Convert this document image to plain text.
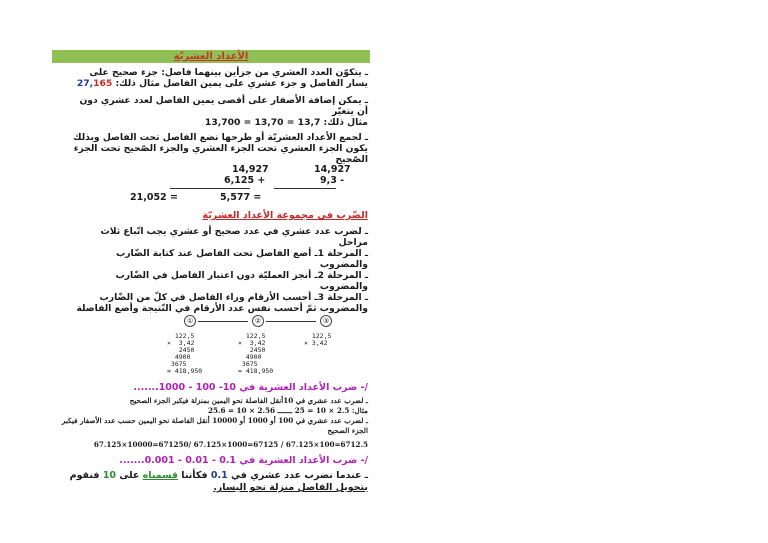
الأعداد العشريّة
ـ يتكوّن العدد العشري من جزأين بينهما فاصل: جزء صحيح على
يسار الفاصل و جزء عشري على يمين الفاصل مثال ذلك: 27,165
ـ يمكن إضافة الأصفار على أقصى يمين الفاصل لعدد عشري دون
أن يتغيّر
مثال ذلك: 13,700 = 13,70 = 13,7
ـ لجمع الأعداد العشريّة أو طرحها نضع الفاصل تحت الفاصل وبذلك
يكون الجزء العشري تحت الجزء العشري والجزء الصّحيح تحت الجزء
الصّحيح
14,927
6,125 +
21,052 =
14,927
9,3 -
5,577 =
الضّرب في مجموعة الأعداد العشريّة
ـ لضرب عدد عشري في عدد صحيح أو عشري يجب اتّباع ثلاث
مراحل
ـ المرحلة 1ـ أضع الفاصل تحت الفاصل عند كتابة الضّارب
والمضروب
ـ المرحلة 2ـ أنجز العمليّة دون اعتبار الفاصل في الضّارب
والمضروب
ـ المرحلة 3ـ أحسب الأرقام وراء الفاصل في كلّ من الضّارب
والمضروب ثمّ أحسب نفس عدد الأرقام في النّتيجة وأضع الفاصلة
①	②	③
122,5
×  3,42
2450
4900
3675
= 418,950
122,5
×  3,42
2450
4900
3675
= 418,950
122,5
× 3,42
/- ضرب الأعداد العشرية في 10- 100 - 1000.......
ـ لضرب عدد عشري في 10أنقل الفاصلة نحو اليمين بمنزلة فيكبر الجزء الصحيح
مثال: 2.5 × 10 = 25 ـــــــ 2.56 × 10 = 25.6
ـ لضرب عدد عشري في 100 أو 1000 أو 10000 أنقل الفاصلة نحو اليمين حسب عدد الأصفار فيكبر
الجزء الصحيح
6712.5=100×67.125 / 67125=1000×67.125 /671250=10000×67.125
/- ضرب الأعداد العشرية في 0.1 - 0.01 - 0.001.......
ـ عندما نضرب عدد عشري في 0.1 فكأننا قسمناه على 10 فنقوم
بتحويل الفاصل منزلة نحو اليسار.
